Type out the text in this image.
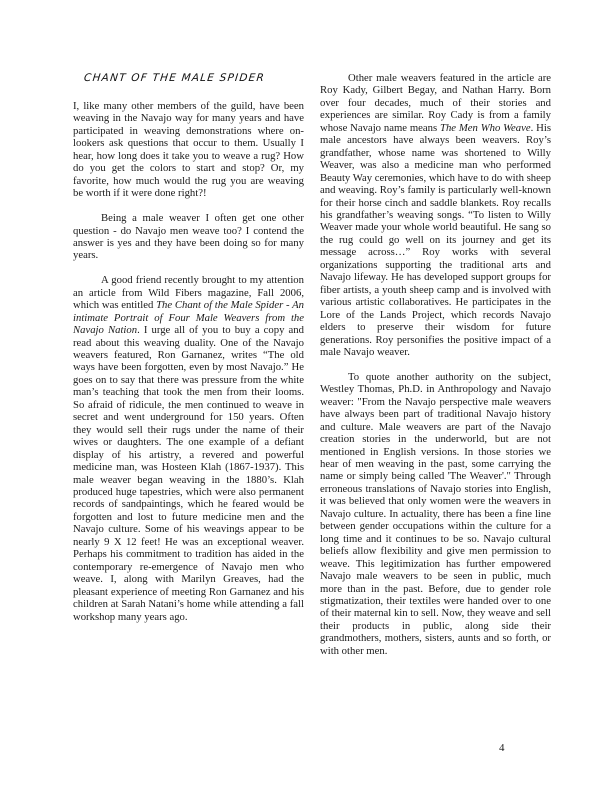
CHANT OF THE MALE SPIDER

I, like many other members of the guild, have been weaving in the Navajo way for many years and have participated in weaving demonstrations where on-lookers ask questions that occur to them. Usually I hear, how long does it take you to weave a rug? How do you get the colors to start and stop? Or, my favorite, how much would the rug you are weaving be worth if it were done right?!

Being a male weaver I often get one other question - do Navajo men weave too? I contend the answer is yes and they have been doing so for many years.

A good friend recently brought to my attention an article from Wild Fibers magazine, Fall 2006, which was entitled The Chant of the Male Spider - An intimate Portrait of Four Male Weavers from the Navajo Nation. I urge all of you to buy a copy and read about this weaving duality. One of the Navajo weavers featured, Ron Garnanez, writes “The old ways have been forgotten, even by most Navajo.” He goes on to say that there was pressure from the white man’s teaching that took the men from their looms. So afraid of ridicule, the men continued to weave in secret and went underground for 150 years. Often they would sell their rugs under the name of their wives or daughters. The one example of a defiant display of his artistry, a revered and powerful medicine man, was Hosteen Klah (1867-1937). This male weaver began weaving in the 1880’s. Klah produced huge tapestries, which were also permanent records of sandpaintings, which he feared would be forgotten and lost to future medicine men and the Navajo culture. Some of his weavings appear to be nearly 9 X 12 feet! He was an exceptional weaver. Perhaps his commitment to tradition has aided in the contemporary re-emergence of Navajo men who weave. I, along with Marilyn Greaves, had the pleasant experience of meeting Ron Garnanez and his children at Sarah Natani’s home while attending a fall workshop many years ago.

Other male weavers featured in the article are Roy Kady, Gilbert Begay, and Nathan Harry. Born over four decades, much of their stories and experiences are similar. Roy Cady is from a family whose Navajo name means The Men Who Weave. His male ancestors have always been weavers. Roy’s grandfather, whose name was shortened to Willy Weaver, was also a medicine man who performed Beauty Way ceremonies, which have to do with sheep and weaving. Roy’s family is particularly well-known for their horse cinch and saddle blankets. Roy recalls his grandfather’s weaving songs. “To listen to Willy Weaver made your whole world beautiful. He sang so the rug could go well on its journey and get its message across…” Roy works with several organizations supporting the traditional arts and Navajo lifeway. He has developed support groups for fiber artists, a youth sheep camp and is involved with various artistic collaboratives. He participates in the Lore of the Lands Project, which records Navajo elders to preserve their wisdom for future generations. Roy personifies the positive impact of a male Navajo weaver.

To quote another authority on the subject, Westley Thomas, Ph.D. in Anthropology and Navajo weaver: "From the Navajo perspective male weavers have always been part of traditional Navajo history and culture. Male weavers are part of the Navajo creation stories in the underworld, but are not mentioned in English versions. In those stories we hear of men weaving in the past, some carrying the name or simply being called 'The Weaver'." Through erroneous translations of Navajo stories into English, it was believed that only women were the weavers in Navajo culture. In actuality, there has been a fine line between gender occupations within the culture for a long time and it continues to be so. Navajo cultural beliefs allow flexibility and give men permission to weave. This legitimization has further empowered Navajo male weavers to be seen in public, much more than in the past. Before, due to gender role stigmatization, their textiles were handed over to one of their maternal kin to sell. Now, they weave and sell their products in public, along side their grandmothers, mothers, sisters, aunts and so forth, or with other men.

4
